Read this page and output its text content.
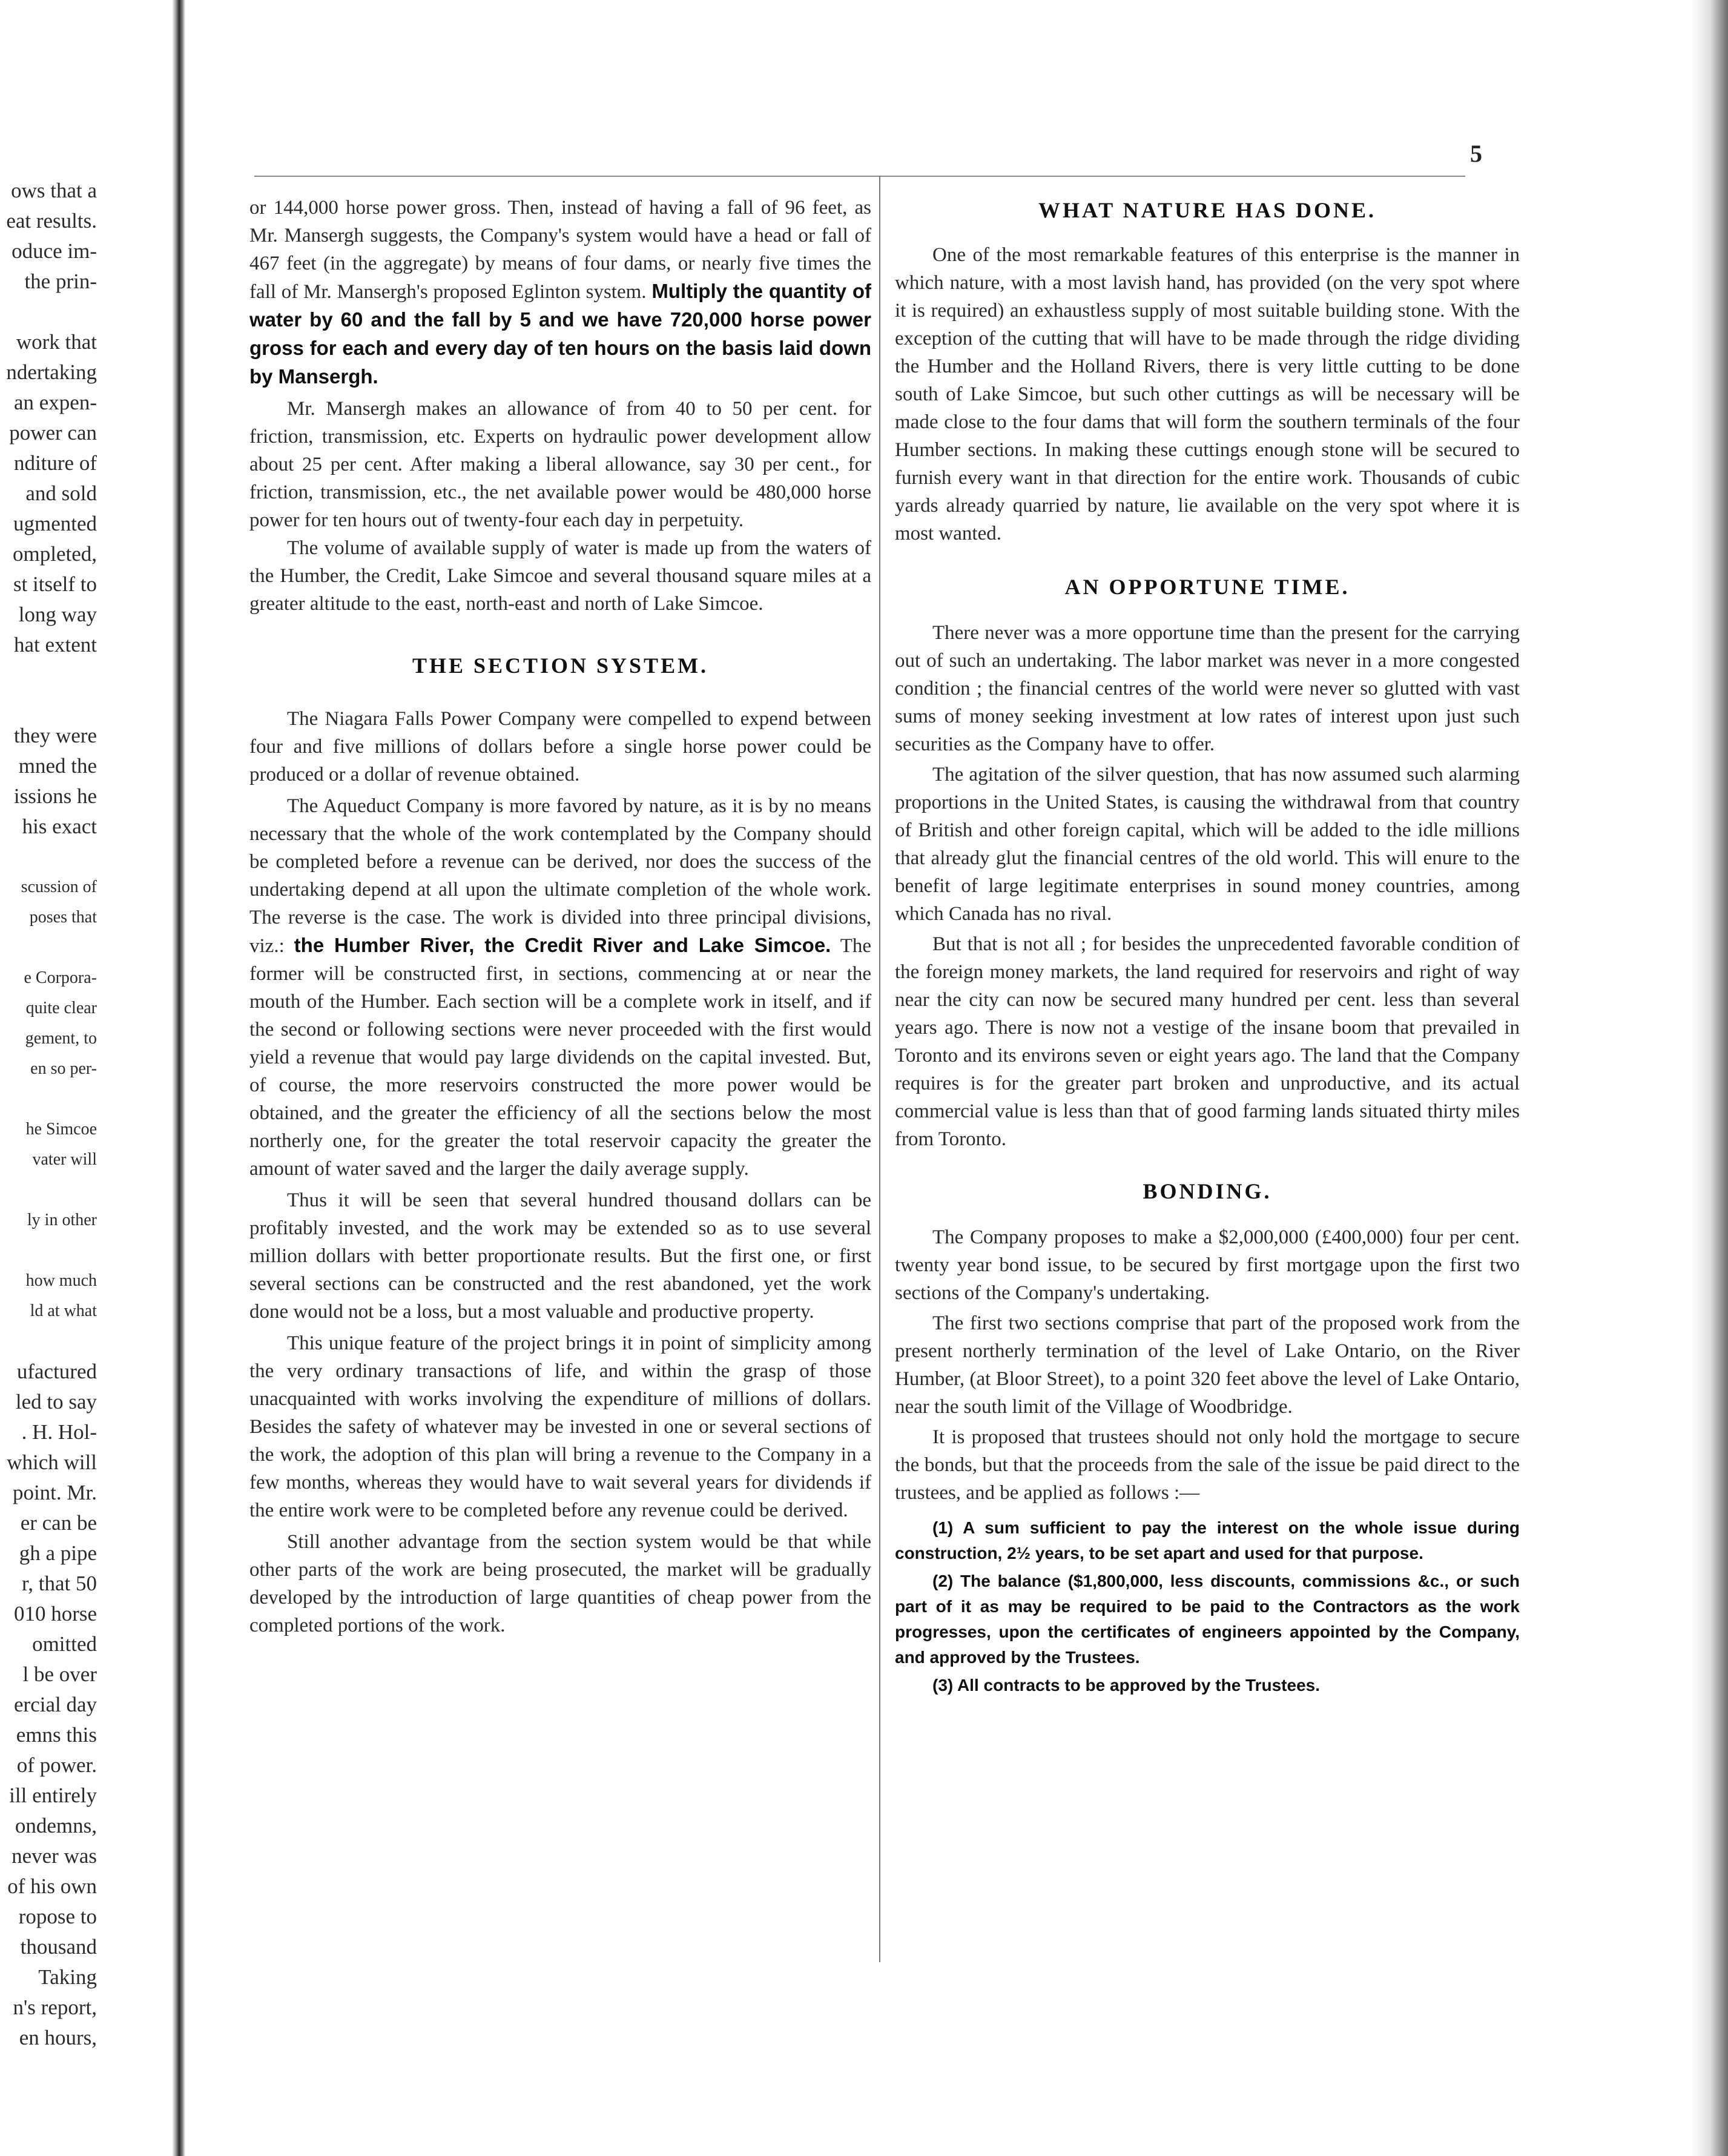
5
ows that a
eat results.
oduce im-
the prin-

work that
ndertaking
an expen-
power can
nditure of
and sold
ugmented
ompleted,
st itself to
long way
hat extent

they were
mned the
issions he
his exact

scussion of
poses that

e Corpora-
quite clear
gement, to
en so per-

he Simcoe
vater will

ly in other

how much
ld at what

ufactured
led to say
. H. Hol-
which will
point. Mr.
er can be
gh a pipe
r, that 50
010 horse
omitted
l be over
ercial day
emns this
of power.
ill entirely
ondemns,
never was
of his own
ropose to
thousand
Taking
n's report,
en hours,

or 144,000 horse power gross. Then, instead of having a fall of 96 feet, as Mr. Mansergh suggests, the Company's system would have a head or fall of 467 feet (in the aggregate) by means of four dams, or nearly five times the fall of Mr. Mansergh's proposed Eglinton system. Multiply the quantity of water by 60 and the fall by 5 and we have 720,000 horse power gross for each and every day of ten hours on the basis laid down by Mansergh.

Mr. Mansergh makes an allowance of from 40 to 50 per cent. for friction, transmission, etc. Experts on hydraulic power development allow about 25 per cent. After making a liberal allowance, say 30 per cent., for friction, transmission, etc., the net available power would be 480,000 horse power for ten hours out of twenty-four each day in perpetuity.

The volume of available supply of water is made up from the waters of the Humber, the Credit, Lake Simcoe and several thousand square miles at a greater altitude to the east, north-east and north of Lake Simcoe.

THE SECTION SYSTEM.

The Niagara Falls Power Company were compelled to expend between four and five millions of dollars before a single horse power could be produced or a dollar of revenue obtained.

The Aqueduct Company is more favored by nature, as it is by no means necessary that the whole of the work contemplated by the Company should be completed before a revenue can be derived, nor does the success of the undertaking depend at all upon the ultimate completion of the whole work. The reverse is the case. The work is divided into three principal divisions, viz.: the Humber River, the Credit River and Lake Simcoe. The former will be constructed first, in sections, commencing at or near the mouth of the Humber. Each section will be a complete work in itself, and if the second or following sections were never proceeded with the first would yield a revenue that would pay large dividends on the capital invested. But, of course, the more reservoirs constructed the more power would be obtained, and the greater the efficiency of all the sections below the most northerly one, for the greater the total reservoir capacity the greater the amount of water saved and the larger the daily average supply.

Thus it will be seen that several hundred thousand dollars can be profitably invested, and the work may be extended so as to use several million dollars with better proportionate results. But the first one, or first several sections can be constructed and the rest abandoned, yet the work done would not be a loss, but a most valuable and productive property.

This unique feature of the project brings it in point of simplicity among the very ordinary transactions of life, and within the grasp of those unacquainted with works involving the expenditure of millions of dollars. Besides the safety of whatever may be invested in one or several sections of the work, the adoption of this plan will bring a revenue to the Company in a few months, whereas they would have to wait several years for dividends if the entire work were to be completed before any revenue could be derived.

Still another advantage from the section system would be that while other parts of the work are being prosecuted, the market will be gradually developed by the introduction of large quantities of cheap power from the completed portions of the work.

WHAT NATURE HAS DONE.

One of the most remarkable features of this enterprise is the manner in which nature, with a most lavish hand, has provided (on the very spot where it is required) an exhaustless supply of most suitable building stone. With the exception of the cutting that will have to be made through the ridge dividing the Humber and the Holland Rivers, there is very little cutting to be done south of Lake Simcoe, but such other cuttings as will be necessary will be made close to the four dams that will form the southern terminals of the four Humber sections. In making these cuttings enough stone will be secured to furnish every want in that direction for the entire work. Thousands of cubic yards already quarried by nature, lie available on the very spot where it is most wanted.

AN OPPORTUNE TIME.

There never was a more opportune time than the present for the carrying out of such an undertaking. The labor market was never in a more congested condition ; the financial centres of the world were never so glutted with vast sums of money seeking investment at low rates of interest upon just such securities as the Company have to offer.

The agitation of the silver question, that has now assumed such alarming proportions in the United States, is causing the withdrawal from that country of British and other foreign capital, which will be added to the idle millions that already glut the financial centres of the old world. This will enure to the benefit of large legitimate enterprises in sound money countries, among which Canada has no rival.

But that is not all ; for besides the unprecedented favorable condition of the foreign money markets, the land required for reservoirs and right of way near the city can now be secured many hundred per cent. less than several years ago. There is now not a vestige of the insane boom that prevailed in Toronto and its environs seven or eight years ago. The land that the Company requires is for the greater part broken and unproductive, and its actual commercial value is less than that of good farming lands situated thirty miles from Toronto.

BONDING.

The Company proposes to make a $2,000,000 (£400,000) four per cent. twenty year bond issue, to be secured by first mortgage upon the first two sections of the Company's undertaking.

The first two sections comprise that part of the proposed work from the present northerly termination of the level of Lake Ontario, on the River Humber, (at Bloor Street), to a point 320 feet above the level of Lake Ontario, near the south limit of the Village of Woodbridge.

It is proposed that trustees should not only hold the mortgage to secure the bonds, but that the proceeds from the sale of the issue be paid direct to the trustees, and be applied as follows :—

(1) A sum sufficient to pay the interest on the whole issue during construction, 2½ years, to be set apart and used for that purpose.

(2) The balance ($1,800,000, less discounts, commissions &c., or such part of it as may be required to be paid to the Contractors as the work progresses, upon the certificates of engineers appointed by the Company, and approved by the Trustees.

(3) All contracts to be approved by the Trustees.
